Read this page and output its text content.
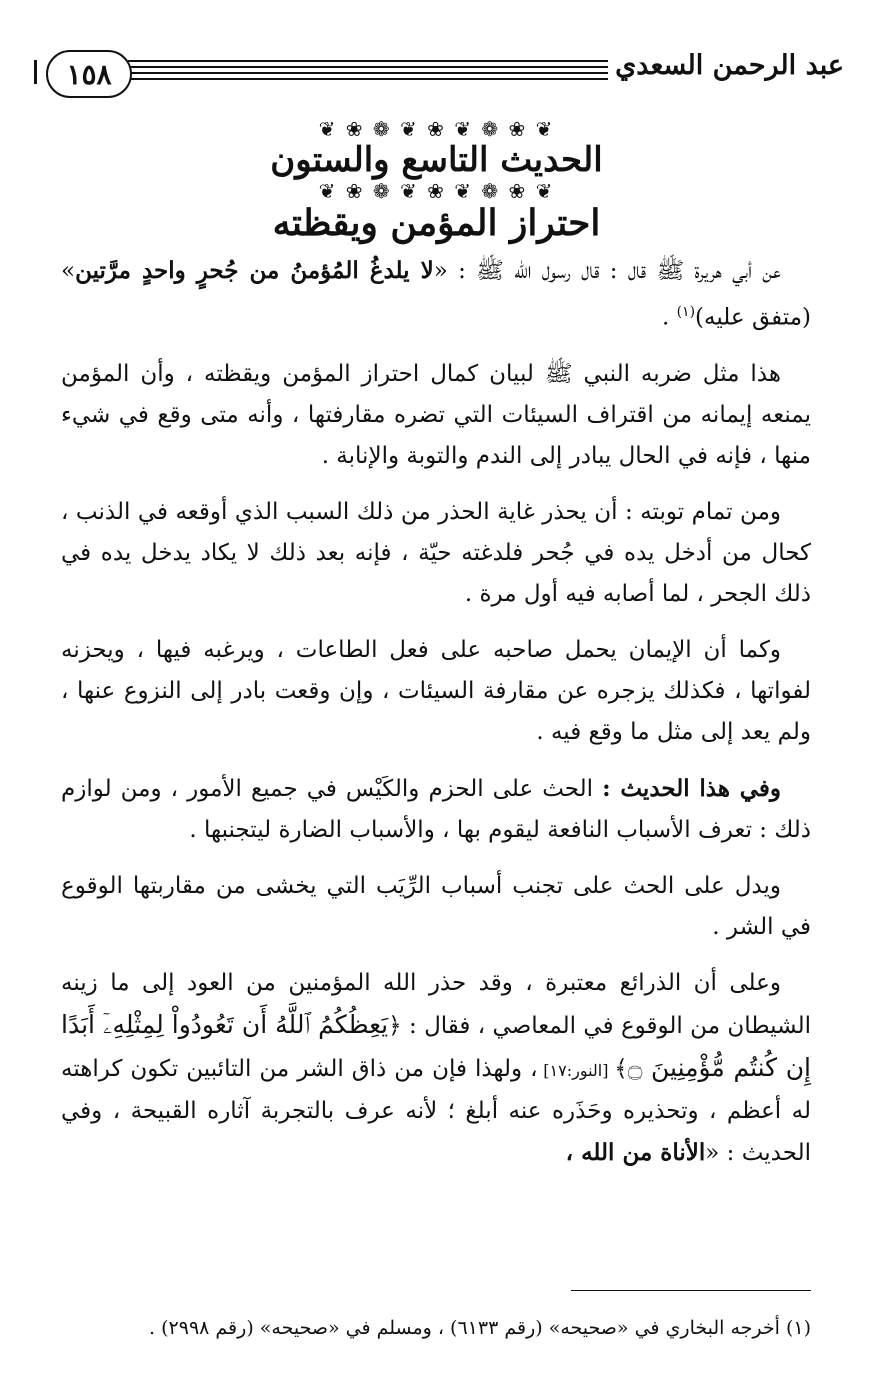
عبد الرحمن السعدي
١٥٨
❦ ❀ ❁ ❦ ❀ ❦ ❁ ❀ ❦
الحديث التاسع والستون
❦ ❀ ❁ ❦ ❀ ❦ ❁ ❀ ❦
احتراز المؤمن ويقظته

عن أبي هريرة ﷺ قال : قال رسول الله ﷺ : «لا يلدغُ المُؤمنُ من جُحرٍ واحدٍ مرَّتين» (متفق عليه)$^{(١)}$ .

هذا مثل ضربه النبي ﷺ لبيان كمال احتراز المؤمن ويقظته ، وأن المؤمن يمنعه إيمانه من اقتراف السيئات التي تضره مقارفتها ، وأنه متى وقع في شيء منها ، فإنه في الحال يبادر إلى الندم والتوبة والإنابة .

ومن تمام توبته : أن يحذر غاية الحذر من ذلك السبب الذي أوقعه في الذنب ، كحال من أدخل يده في جُحر فلدغته حيّة ، فإنه بعد ذلك لا يكاد يدخل يده في ذلك الجحر ، لما أصابه فيه أول مرة .

وكما أن الإيمان يحمل صاحبه على فعل الطاعات ، ويرغبه فيها ، ويحزنه لفواتها ، فكذلك يزجره عن مقارفة السيئات ، وإن وقعت بادر إلى النزوع عنها ، ولم يعد إلى مثل ما وقع فيه .

وفي هذا الحديث : الحث على الحزم والكَيْس في جميع الأمور ، ومن لوازم ذلك : تعرف الأسباب النافعة ليقوم بها ، والأسباب الضارة ليتجنبها .

ويدل على الحث على تجنب أسباب الرِّيَب التي يخشى من مقاربتها الوقوع في الشر .

وعلى أن الذرائع معتبرة ، وقد حذر الله المؤمنين من العود إلى ما زينه الشيطان من الوقوع في المعاصي ، فقال : ﴿يَعِظُكُمُ ٱللَّهُ أَن تَعُودُواْ لِمِثْلِهِۦٓ أَبَدًا إِن كُنتُم مُّؤْمِنِينَ ۝﴾ [النور:١٧] ، ولهذا فإن من ذاق الشر من التائبين تكون كراهته له أعظم ، وتحذيره وحَذَره عنه أبلغ ؛ لأنه عرف بالتجربة آثاره القبيحة ، وفي الحديث : «الأناة من الله ،

(١) أخرجه البخاري في «صحيحه» (رقم ٦١٣٣) ، ومسلم في «صحيحه» (رقم ٢٩٩٨) .
